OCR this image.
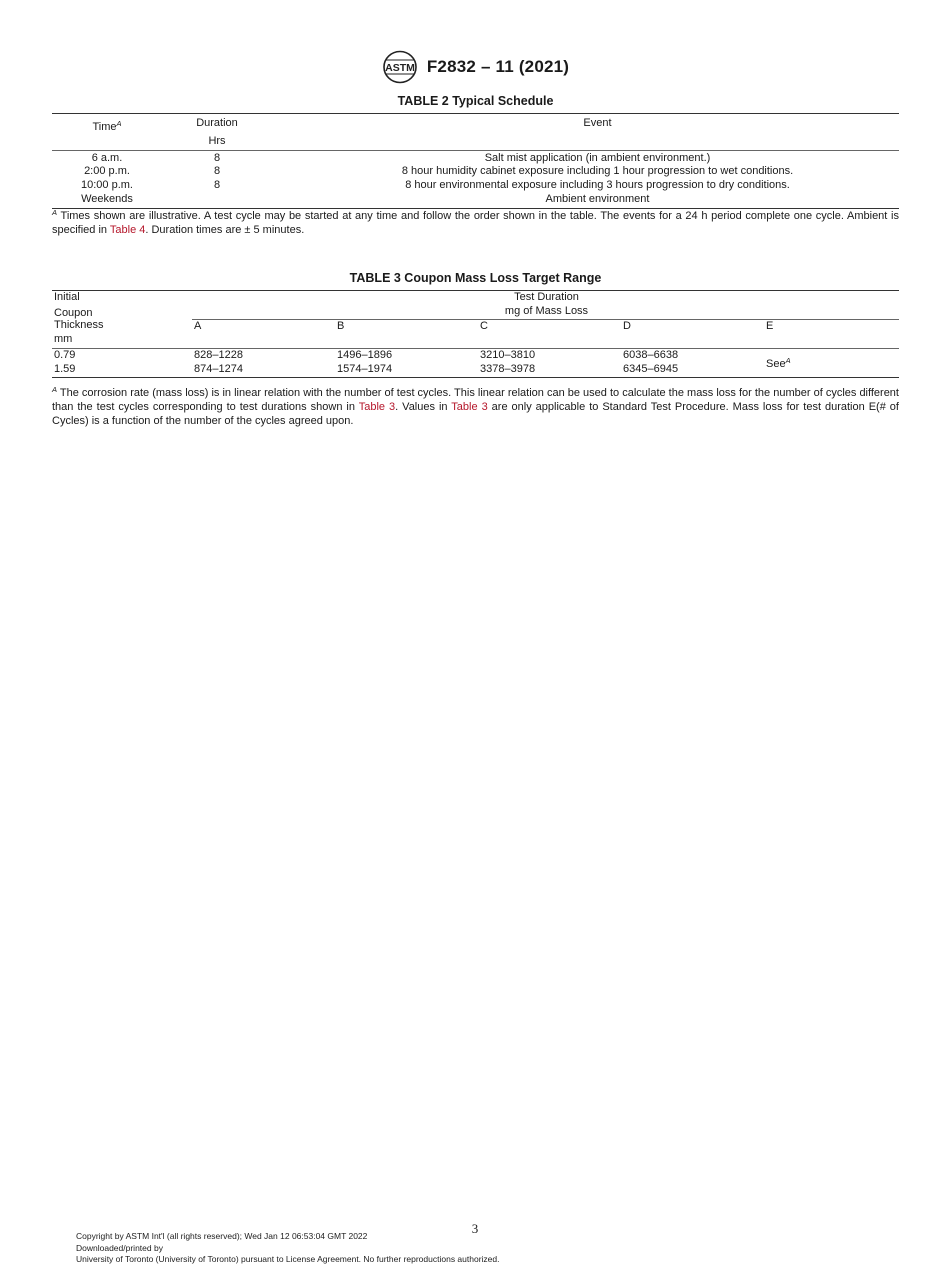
ASTM F2832 – 11 (2021)
TABLE 2 Typical Schedule
Time$^A$	Duration	Event
	Hrs	
6 a.m.	8	Salt mist application (in ambient environment.)
2:00 p.m.	8	8 hour humidity cabinet exposure including 1 hour progression to wet conditions.
10:00 p.m.	8	8 hour environmental exposure including 3 hours progression to dry conditions.
Weekends		Ambient environment
$^A$ Times shown are illustrative. A test cycle may be started at any time and follow the order shown in the table. The events for a 24 h period complete one cycle. Ambient is specified in Table 4. Duration times are ± 5 minutes.
TABLE 3 Coupon Mass Loss Target Range
Initial	Test Duration
mg of Mass Loss				

Thickness	A	B	C	D	E
mm					
0.79	828–1228	1496–1896	3210–3810	6038–6638	See$^A$
1.59	874–1274	1574–1974	3378–3978	6345–6945	
Coupon
$^A$ The corrosion rate (mass loss) is in linear relation with the number of test cycles. This linear relation can be used to calculate the mass loss for the number of cycles different than the test cycles corresponding to test durations shown in Table 3. Values in Table 3 are only applicable to Standard Test Procedure. Mass loss for test duration E(# of Cycles) is a function of the number of the cycles agreed upon.
3
Copyright by ASTM Int'l (all rights reserved); Wed Jan 12 06:53:04 GMT 2022
Downloaded/printed by
University of Toronto (University of Toronto) pursuant to License Agreement. No further reproductions authorized.
